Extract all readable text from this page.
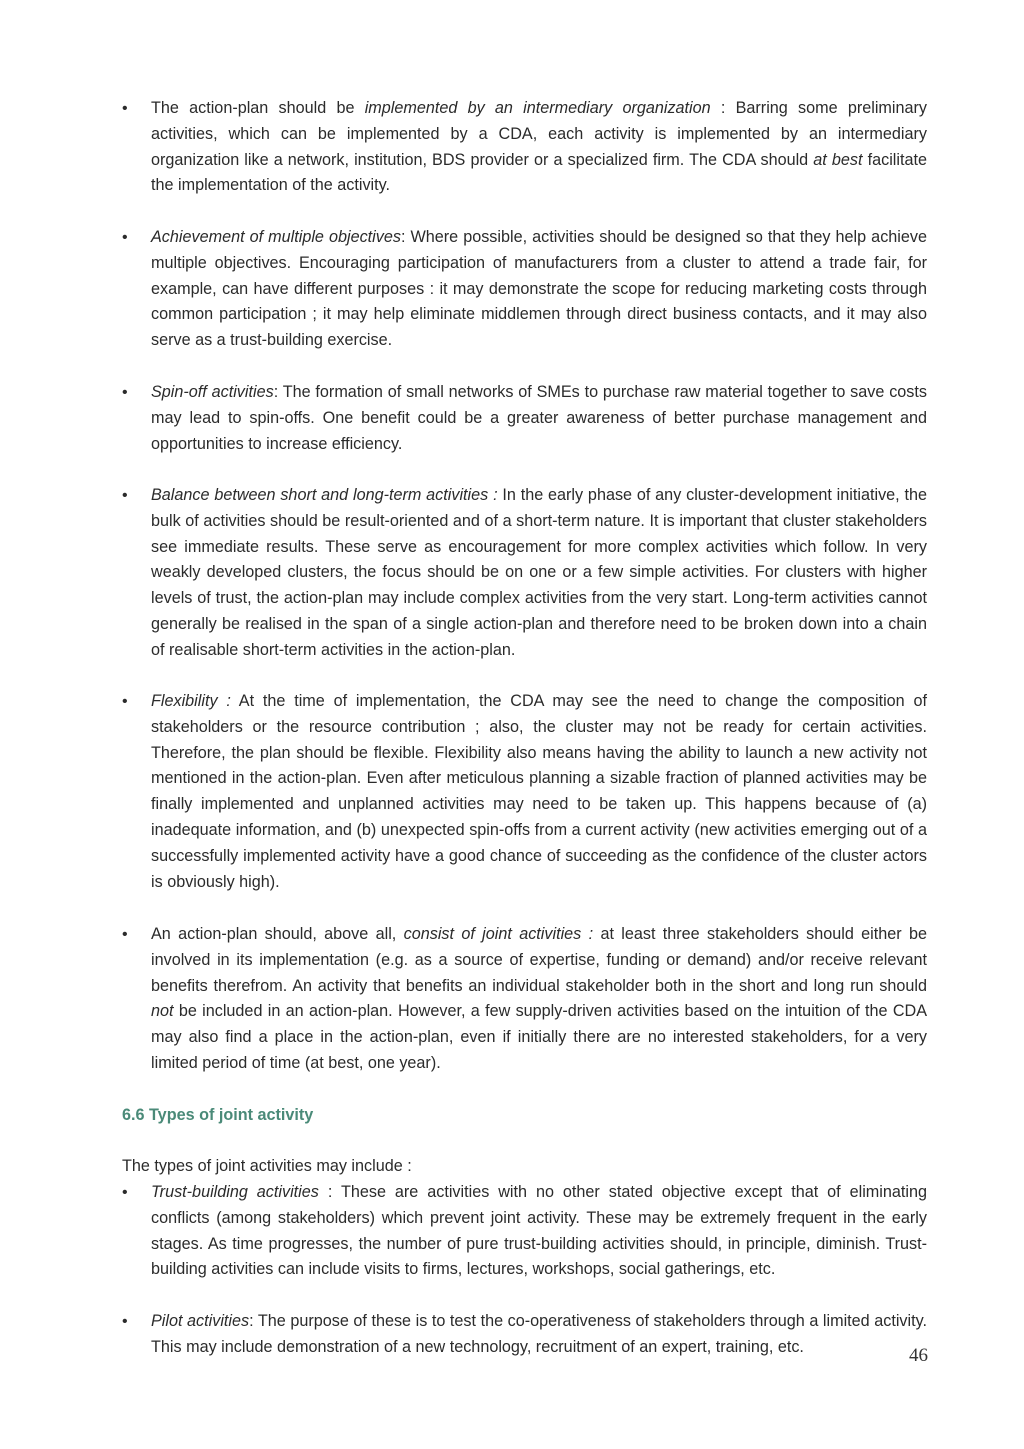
• The action-plan should be implemented by an intermediary organization : Barring some preliminary activities, which can be implemented by a CDA, each activity is implemented by an intermediary organization like a network, institution, BDS provider or a specialized firm. The CDA should at best facilitate the implementation of the activity.
• Achievement of multiple objectives: Where possible, activities should be designed so that they help achieve multiple objectives. Encouraging participation of manufacturers from a cluster to attend a trade fair, for example, can have different purposes : it may demonstrate the scope for reducing marketing costs through common participation ; it may help eliminate middlemen through direct business contacts, and it may also serve as a trust-building exercise.
• Spin-off activities: The formation of small networks of SMEs to purchase raw material together to save costs may lead to spin-offs. One benefit could be a greater awareness of better purchase management and opportunities to increase efficiency.
• Balance between short and long-term activities : In the early phase of any cluster-development initiative, the bulk of activities should be result-oriented and of a short-term nature. It is important that cluster stakeholders see immediate results. These serve as encouragement for more complex activities which follow. In very weakly developed clusters, the focus should be on one or a few simple activities. For clusters with higher levels of trust, the action-plan may include complex activities from the very start. Long-term activities cannot generally be realised in the span of a single action-plan and therefore need to be broken down into a chain of realisable short-term activities in the action-plan.
• Flexibility : At the time of implementation, the CDA may see the need to change the composition of stakeholders or the resource contribution ; also, the cluster may not be ready for certain activities. Therefore, the plan should be flexible. Flexibility also means having the ability to launch a new activity not mentioned in the action-plan. Even after meticulous planning a sizable fraction of planned activities may be finally implemented and unplanned activities may need to be taken up. This happens because of (a) inadequate information, and (b) unexpected spin-offs from a current activity (new activities emerging out of a successfully implemented activity have a good chance of succeeding as the confidence of the cluster actors is obviously high).
• An action-plan should, above all, consist of joint activities : at least three stakeholders should either be involved in its implementation (e.g. as a source of expertise, funding or demand) and/or receive relevant benefits therefrom. An activity that benefits an individual stakeholder both in the short and long run should not be included in an action-plan. However, a few supply-driven activities based on the intuition of the CDA may also find a place in the action-plan, even if initially there are no interested stakeholders, for a very limited period of time (at best, one year).
6.6 Types of joint activity
The types of joint activities may include :
• Trust-building activities : These are activities with no other stated objective except that of eliminating conflicts (among stakeholders) which prevent joint activity. These may be extremely frequent in the early stages. As time progresses, the number of pure trust-building activities should, in principle, diminish. Trust-building activities can include visits to firms, lectures, workshops, social gatherings, etc.
• Pilot activities: The purpose of these is to test the co-operativeness of stakeholders through a limited activity. This may include demonstration of a new technology, recruitment of an expert, training, etc.	46
